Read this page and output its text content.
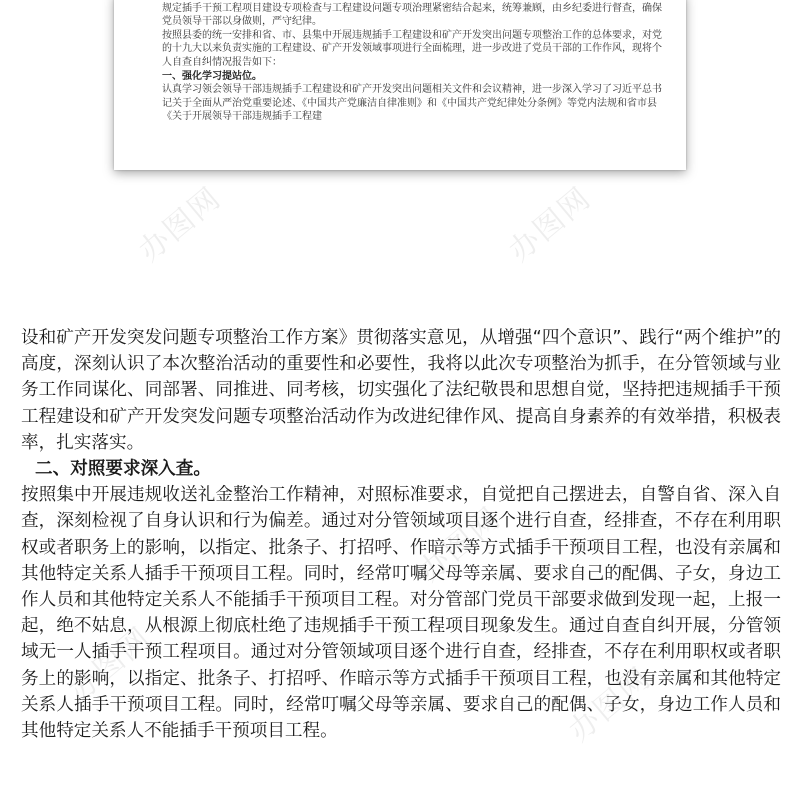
规定插手干预工程项目建设专项检查与工程建设问题专项治理紧密结合起来，统筹兼顾，由乡纪委进行督查，确保党员领导干部以身做则，严守纪律。

按照县委的统一安排和省、市、县集中开展违规插手工程建设和矿产开发突出问题专项整治工作的总体要求，对党的十九大以来负责实施的工程建设、矿产开发领域事项进行全面梳理，进一步改进了党员干部的工作作风，现将个人自查自纠情况报告如下：

一、强化学习提站位。

认真学习领会领导干部违规插手工程建设和矿产开发突出问题相关文件和会议精神，进一步深入学习了习近平总书记关于全面从严治党重要论述、《中国共产党廉洁自律准则》和《中国共产党纪律处分条例》等党内法规和省市县《关于开展领导干部违规插手工程建

办图网	办图网
办图网
办图网	办图网

设和矿产开发突发问题专项整治工作方案》贯彻落实意见，从增强“四个意识”、践行“两个维护”的高度，深刻认识了本次整治活动的重要性和必要性，我将以此次专项整治为抓手，在分管领域与业务工作同谋化、同部署、同推进、同考核，切实强化了法纪敬畏和思想自觉，坚持把违规插手干预工程建设和矿产开发突发问题专项整治活动作为改进纪律作风、提高自身素养的有效举措，积极表率，扎实落实。

二、对照要求深入查。

按照集中开展违规收送礼金整治工作精神，对照标准要求，自觉把自己摆进去，自警自省、深入自查，深刻检视了自身认识和行为偏差。通过对分管领域项目逐个进行自查，经排查，不存在利用职权或者职务上的影响，以指定、批条子、打招呼、作暗示等方式插手干预项目工程，也没有亲属和其他特定关系人插手干预项目工程。同时，经常叮嘱父母等亲属、要求自己的配偶、子女，身边工作人员和其他特定关系人不能插手干预项目工程。对分管部门党员干部要求做到发现一起，上报一起，绝不姑息，从根源上彻底杜绝了违规插手干预工程项目现象发生。通过自查自纠开展，分管领域无一人插手干预工程项目。通过对分管领域项目逐个进行自查，经排查，不存在利用职权或者职务上的影响，以指定、批条子、打招呼、作暗示等方式插手干预项目工程，也没有亲属和其他特定关系人插手干预项目工程。同时，经常叮嘱父母等亲属、要求自己的配偶、子女，身边工作人员和其他特定关系人不能插手干预项目工程。
